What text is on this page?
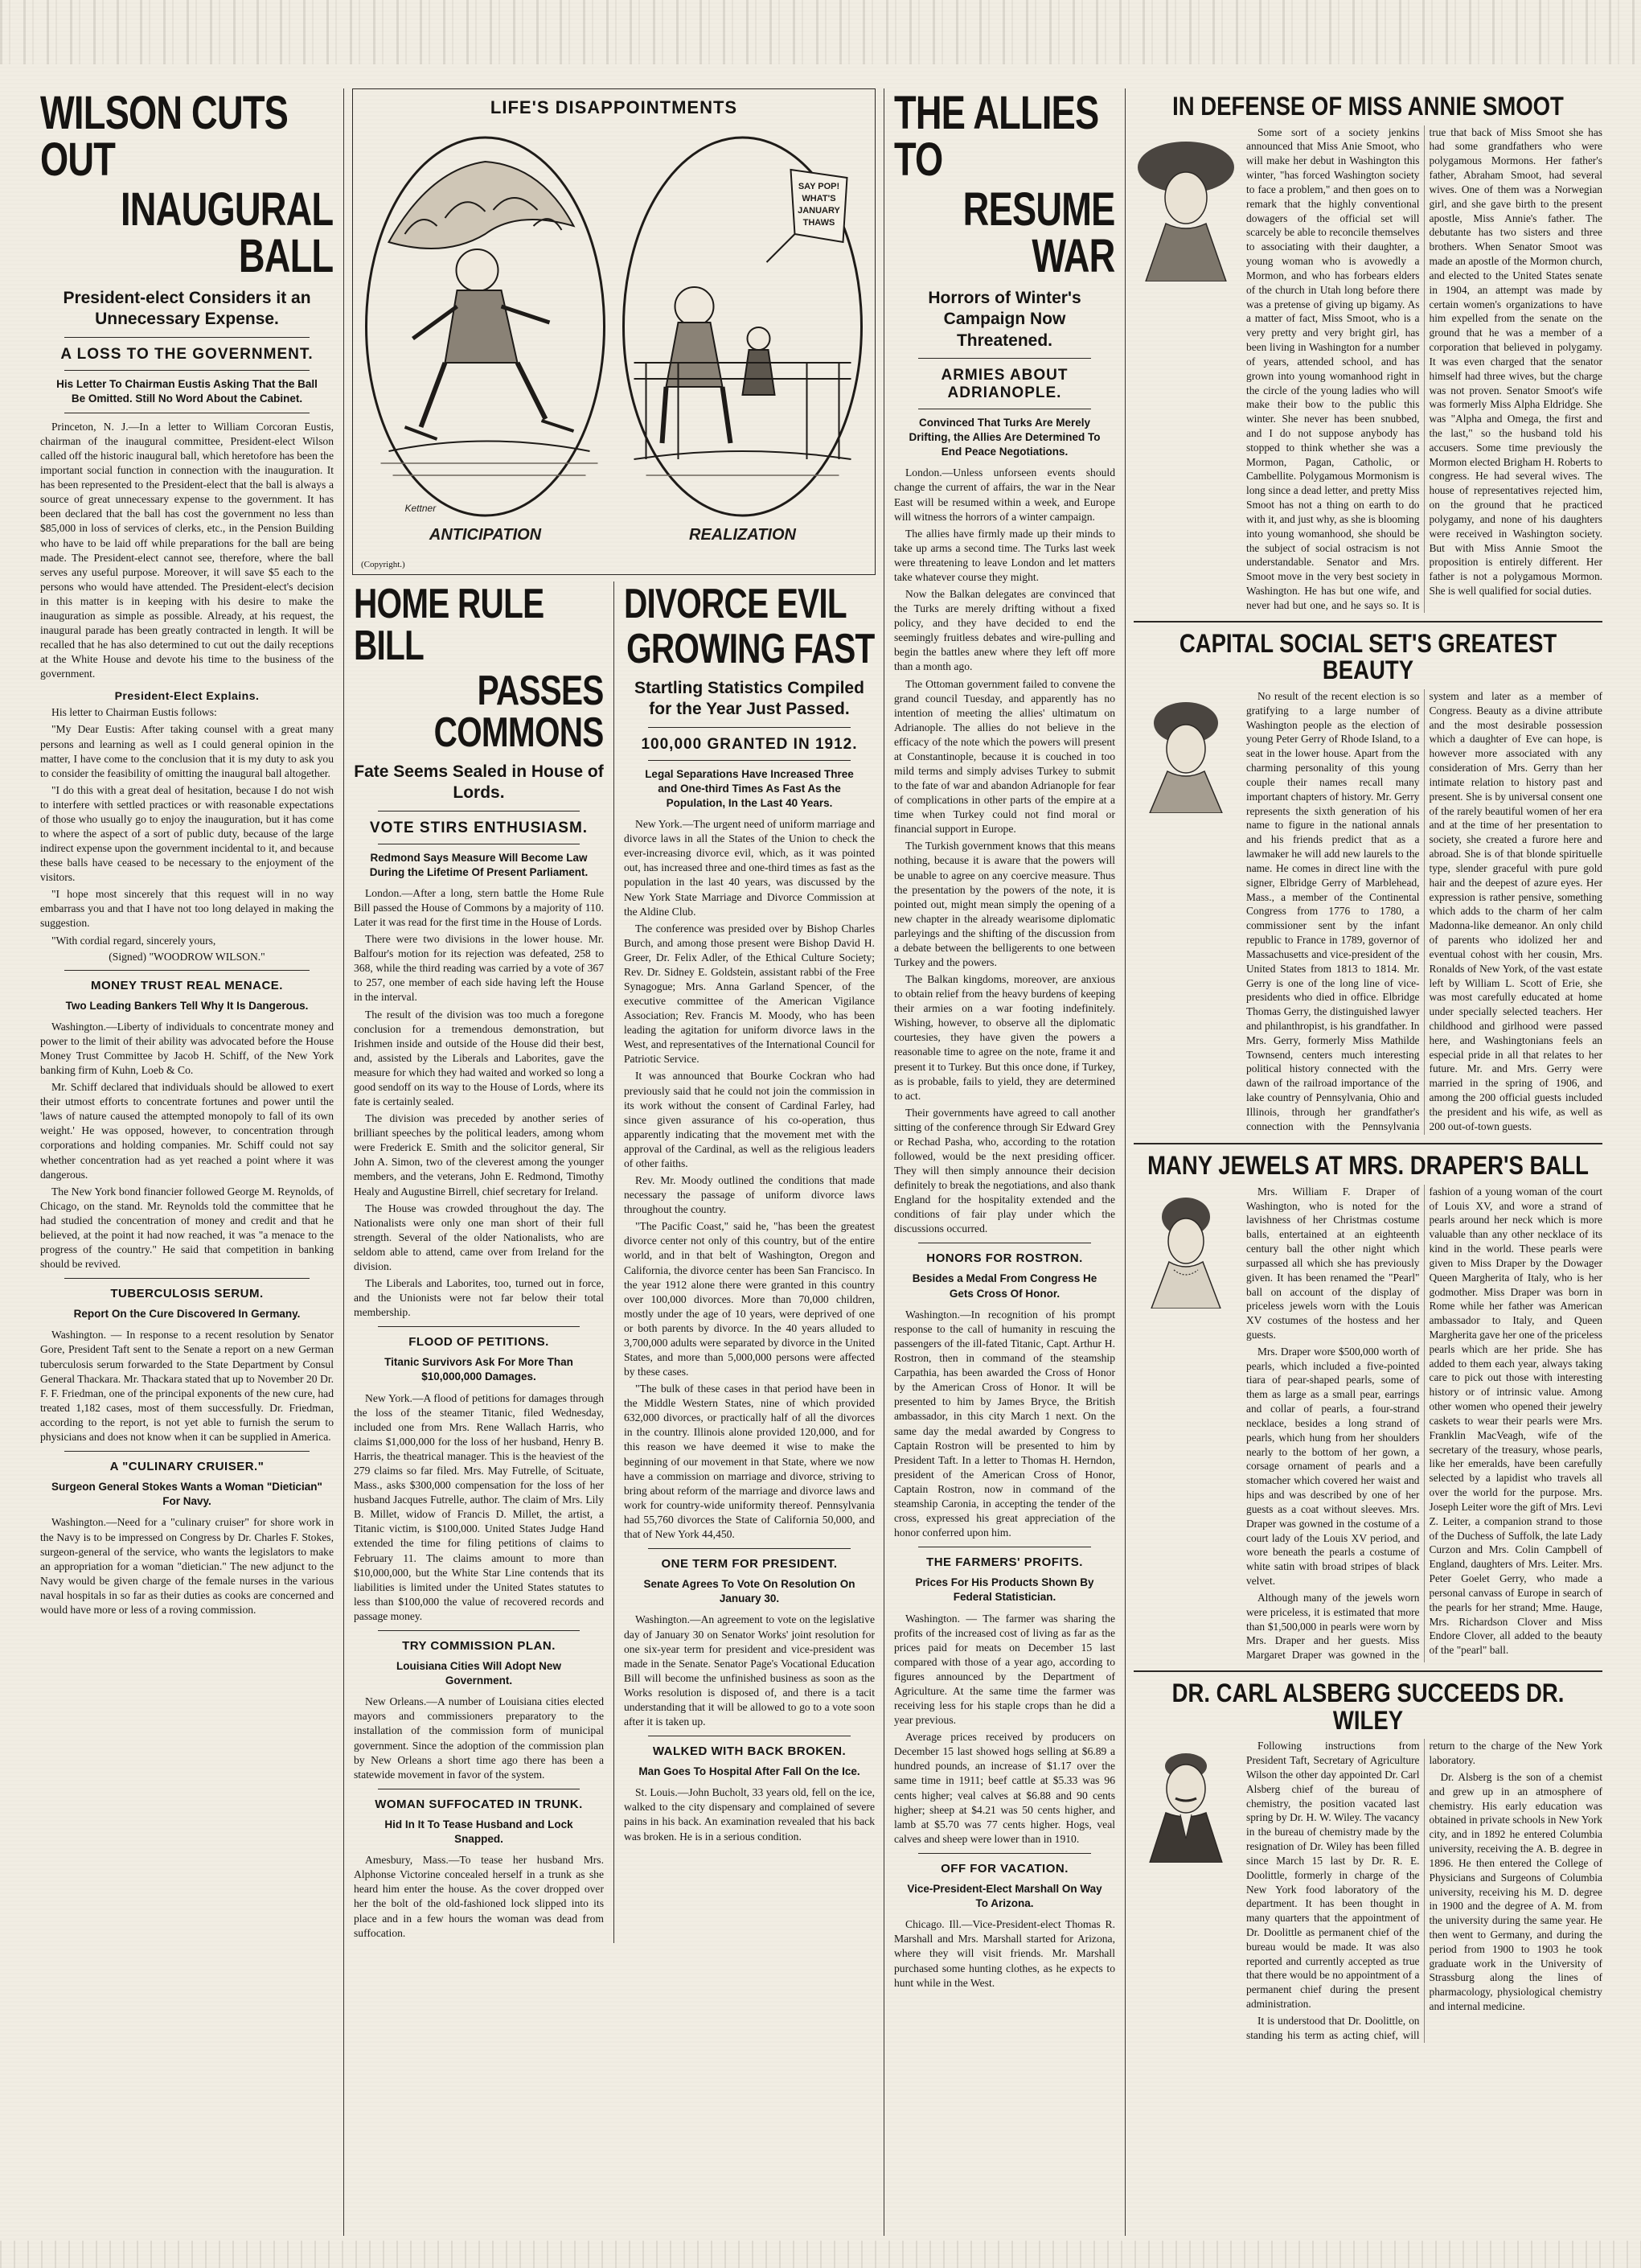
WILSON CUTS OUT
INAUGURAL BALL
President-elect Considers it an Unnecessary Expense.
A LOSS TO THE GOVERNMENT.
His Letter To Chairman Eustis Asking That the Ball Be Omitted. Still No Word About the Cabinet.

Princeton, N. J.—In a letter to William Corcoran Eustis, chairman of the inaugural committee, President-elect Wilson called off the historic inaugural ball, which heretofore has been the important social function in connection with the inauguration. It has been represented to the President-elect that the ball is always a source of great unnecessary expense to the government. It has been declared that the ball has cost the government no less than $85,000 in loss of services of clerks, etc., in the Pension Building who have to be laid off while preparations for the ball are being made. The President-elect cannot see, therefore, where the ball serves any useful purpose. Moreover, it will save $5 each to the persons who would have attended. The President-elect's decision in this matter is in keeping with his desire to make the inauguration as simple as possible. Already, at his request, the inaugural parade has been greatly contracted in length. It will be recalled that he has also determined to cut out the daily receptions at the White House and devote his time to the business of the government.

President-Elect Explains.

His letter to Chairman Eustis follows:

"My Dear Eustis: After taking counsel with a great many persons and learning as well as I could general opinion in the matter, I have come to the conclusion that it is my duty to ask you to consider the feasibility of omitting the inaugural ball altogether.

"I do this with a great deal of hesitation, because I do not wish to interfere with settled practices or with reasonable expectations of those who usually go to enjoy the inauguration, but it has come to where the aspect of a sort of public duty, because of the large indirect expense upon the government incidental to it, and because these balls have ceased to be necessary to the enjoyment of the visitors.

"I hope most sincerely that this request will in no way embarrass you and that I have not too long delayed in making the suggestion.

"With cordial regard, sincerely yours,

(Signed) "WOODROW WILSON."
MONEY TRUST REAL MENACE.
Two Leading Bankers Tell Why It Is Dangerous.

Washington.—Liberty of individuals to concentrate money and power to the limit of their ability was advocated before the House Money Trust Committee by Jacob H. Schiff, of the New York banking firm of Kuhn, Loeb & Co.

Mr. Schiff declared that individuals should be allowed to exert their utmost efforts to concentrate fortunes and power until the 'laws of nature caused the attempted monopoly to fall of its own weight.' He was opposed, however, to concentration through corporations and holding companies. Mr. Schiff could not say whether concentration had as yet reached a point where it was dangerous.

The New York bond financier followed George M. Reynolds, of Chicago, on the stand. Mr. Reynolds told the committee that he had studied the concentration of money and credit and that he believed, at the point it had now reached, it was "a menace to the progress of the country." He said that competition in banking should be revived.

TUBERCULOSIS SERUM.
Report On the Cure Discovered In Germany.

Washington. — In response to a recent resolution by Senator Gore, President Taft sent to the Senate a report on a new German tuberculosis serum forwarded to the State Department by Consul General Thackara. Mr. Thackara stated that up to November 20 Dr. F. F. Friedman, one of the principal exponents of the new cure, had treated 1,182 cases, most of them successfully. Dr. Friedman, according to the report, is not yet able to furnish the serum to physicians and does not know when it can be supplied in America.

A "CULINARY CRUISER."
Surgeon General Stokes Wants a Woman "Dietician" For Navy.

Washington.—Need for a "culinary cruiser" for shore work in the Navy is to be impressed on Congress by Dr. Charles F. Stokes, surgeon-general of the service, who wants the legislators to make an appropriation for a woman "dietician." The new adjunct to the Navy would be given charge of the female nurses in the various naval hospitals in so far as their duties as cooks are concerned and would have more or less of a roving commission.

LIFE'S DISAPPOINTMENTS
Kettner
SAY POP!
WHAT'S
JANUARY
THAWS
ANTICIPATION	REALIZATION
(Copyright.)
HOME RULE BILL
PASSES COMMONS
Fate Seems Sealed in House of Lords.
VOTE STIRS ENTHUSIASM.
Redmond Says Measure Will Become Law During the Lifetime Of Present Parliament.

London.—After a long, stern battle the Home Rule Bill passed the House of Commons by a majority of 110. Later it was read for the first time in the House of Lords.

There were two divisions in the lower house. Mr. Balfour's motion for its rejection was defeated, 258 to 368, while the third reading was carried by a vote of 367 to 257, one member of each side having left the House in the interval.

The result of the division was too much a foregone conclusion for a tremendous demonstration, but Irishmen inside and outside of the House did their best, and, assisted by the Liberals and Laborites, gave the measure for which they had waited and worked so long a good sendoff on its way to the House of Lords, where its fate is certainly sealed.

The division was preceded by another series of brilliant speeches by the political leaders, among whom were Frederick E. Smith and the solicitor general, Sir John A. Simon, two of the cleverest among the younger members, and the veterans, John E. Redmond, Timothy Healy and Augustine Birrell, chief secretary for Ireland.

The House was crowded throughout the day. The Nationalists were only one man short of their full strength. Several of the older Nationalists, who are seldom able to attend, came over from Ireland for the division.

The Liberals and Laborites, too, turned out in force, and the Unionists were not far below their total membership.

FLOOD OF PETITIONS.
Titanic Survivors Ask For More Than $10,000,000 Damages.

New York.—A flood of petitions for damages through the loss of the steamer Titanic, filed Wednesday, included one from Mrs. Rene Wallach Harris, who claims $1,000,000 for the loss of her husband, Henry B. Harris, the theatrical manager. This is the heaviest of the 279 claims so far filed. Mrs. May Futrelle, of Scituate, Mass., asks $300,000 compensation for the loss of her husband Jacques Futrelle, author. The claim of Mrs. Lily B. Millet, widow of Francis D. Millet, the artist, a Titanic victim, is $100,000. United States Judge Hand extended the time for filing petitions of claims to February 11. The claims amount to more than $10,000,000, but the White Star Line contends that its liabilities is limited under the United States statutes to less than $100,000 the value of recovered records and passage money.

TRY COMMISSION PLAN.
Louisiana Cities Will Adopt New Government.

New Orleans.—A number of Louisiana cities elected mayors and commissioners preparatory to the installation of the commission form of municipal government. Since the adoption of the commission plan by New Orleans a short time ago there has been a statewide movement in favor of the system.

WOMAN SUFFOCATED IN TRUNK.
Hid In It To Tease Husband and Lock Snapped.

Amesbury, Mass.—To tease her husband Mrs. Alphonse Victorine concealed herself in a trunk as she heard him enter the house. As the cover dropped over her the bolt of the old-fashioned lock slipped into its place and in a few hours the woman was dead from suffocation.

DIVORCE EVIL
GROWING FAST
Startling Statistics Compiled for the Year Just Passed.
100,000 GRANTED IN 1912.
Legal Separations Have Increased Three and One-third Times As Fast As the Population, In the Last 40 Years.

New York.—The urgent need of uniform marriage and divorce laws in all the States of the Union to check the ever-increasing divorce evil, which, as it was pointed out, has increased three and one-third times as fast as the population in the last 40 years, was discussed by the New York State Marriage and Divorce Commission at the Aldine Club.

The conference was presided over by Bishop Charles Burch, and among those present were Bishop David H. Greer, Dr. Felix Adler, of the Ethical Culture Society; Rev. Dr. Sidney E. Goldstein, assistant rabbi of the Free Synagogue; Mrs. Anna Garland Spencer, of the executive committee of the American Vigilance Association; Rev. Francis M. Moody, who has been leading the agitation for uniform divorce laws in the West, and representatives of the International Council for Patriotic Service.

It was announced that Bourke Cockran who had previously said that he could not join the commission in its work without the consent of Cardinal Farley, had since given assurance of his co-operation, thus apparently indicating that the movement met with the approval of the Cardinal, as well as the religious leaders of other faiths.

Rev. Mr. Moody outlined the conditions that made necessary the passage of uniform divorce laws throughout the country.

"The Pacific Coast," said he, "has been the greatest divorce center not only of this country, but of the entire world, and in that belt of Washington, Oregon and California, the divorce center has been San Francisco. In the year 1912 alone there were granted in this country over 100,000 divorces. More than 70,000 children, mostly under the age of 10 years, were deprived of one or both parents by divorce. In the 40 years alluded to 3,700,000 adults were separated by divorce in the United States, and more than 5,000,000 persons were affected by these cases.

"The bulk of these cases in that period have been in the Middle Western States, nine of which provided 632,000 divorces, or practically half of all the divorces in the country. Illinois alone provided 120,000, and for this reason we have deemed it wise to make the beginning of our movement in that State, where we now have a commission on marriage and divorce, striving to bring about reform of the marriage and divorce laws and work for country-wide uniformity thereof. Pennsylvania had 55,760 divorces the State of California 50,000, and that of New York 44,450.

ONE TERM FOR PRESIDENT.
Senate Agrees To Vote On Resolution On January 30.

Washington.—An agreement to vote on the legislative day of January 30 on Senator Works' joint resolution for one six-year term for president and vice-president was made in the Senate. Senator Page's Vocational Education Bill will become the unfinished business as soon as the Works resolution is disposed of, and there is a tacit understanding that it will be allowed to go to a vote soon after it is taken up.

WALKED WITH BACK BROKEN.
Man Goes To Hospital After Fall On the Ice.

St. Louis.—John Bucholt, 33 years old, fell on the ice, walked to the city dispensary and complained of severe pains in his back. An examination revealed that his back was broken. He is in a serious condition.

THE ALLIES TO
RESUME WAR
Horrors of Winter's Campaign Now Threatened.
ARMIES ABOUT ADRIANOPLE.
Convinced That Turks Are Merely Drifting, the Allies Are Determined To End Peace Negotiations.

London.—Unless unforseen events should change the current of affairs, the war in the Near East will be resumed within a week, and Europe will witness the horrors of a winter campaign.

The allies have firmly made up their minds to take up arms a second time. The Turks last week were threatening to leave London and let matters take whatever course they might.

Now the Balkan delegates are convinced that the Turks are merely drifting without a fixed policy, and they have decided to end the seemingly fruitless debates and wire-pulling and begin the battles anew where they left off more than a month ago.

The Ottoman government failed to convene the grand council Tuesday, and apparently has no intention of meeting the allies' ultimatum on Adrianople. The allies do not believe in the efficacy of the note which the powers will present at Constantinople, because it is couched in too mild terms and simply advises Turkey to submit to the fate of war and abandon Adrianople for fear of complications in other parts of the empire at a time when Turkey could not find moral or financial support in Europe.

The Turkish government knows that this means nothing, because it is aware that the powers will be unable to agree on any coercive measure. Thus the presentation by the powers of the note, it is pointed out, might mean simply the opening of a new chapter in the already wearisome diplomatic parleyings and the shifting of the discussion from a debate between the belligerents to one between Turkey and the powers.

The Balkan kingdoms, moreover, are anxious to obtain relief from the heavy burdens of keeping their armies on a war footing indefinitely. Wishing, however, to observe all the diplomatic courtesies, they have given the powers a reasonable time to agree on the note, frame it and present it to Turkey. But this once done, if Turkey, as is probable, fails to yield, they are determined to act.

Their governments have agreed to call another sitting of the conference through Sir Edward Grey or Rechad Pasha, who, according to the rotation followed, would be the next presiding officer. They will then simply announce their decision definitely to break the negotiations, and also thank England for the hospitality extended and the conditions of fair play under which the discussions occurred.

HONORS FOR ROSTRON.
Besides a Medal From Congress He Gets Cross Of Honor.

Washington.—In recognition of his prompt response to the call of humanity in rescuing the passengers of the ill-fated Titanic, Capt. Arthur H. Rostron, then in command of the steamship Carpathia, has been awarded the Cross of Honor by the American Cross of Honor. It will be presented to him by James Bryce, the British ambassador, in this city March 1 next. On the same day the medal awarded by Congress to Captain Rostron will be presented to him by President Taft. In a letter to Thomas H. Herndon, president of the American Cross of Honor, Captain Rostron, now in command of the steamship Caronia, in accepting the tender of the cross, expressed his great appreciation of the honor conferred upon him.

THE FARMERS' PROFITS.
Prices For His Products Shown By Federal Statistician.

Washington. — The farmer was sharing the profits of the increased cost of living as far as the prices paid for meats on December 15 last compared with those of a year ago, according to figures announced by the Department of Agriculture. At the same time the farmer was receiving less for his staple crops than he did a year previous.

Average prices received by producers on December 15 last showed hogs selling at $6.89 a hundred pounds, an increase of $1.17 over the same time in 1911; beef cattle at $5.33 was 96 cents higher; veal calves at $6.88 and 90 cents higher; sheep at $4.21 was 50 cents higher, and lamb at $5.70 was 77 cents higher. Hogs, veal calves and sheep were lower than in 1910.

OFF FOR VACATION.
Vice-President-Elect Marshall On Way To Arizona.

Chicago. Ill.—Vice-President-elect Thomas R. Marshall and Mrs. Marshall started for Arizona, where they will visit friends. Mr. Marshall purchased some hunting clothes, as he expects to hunt while in the West.

IN DEFENSE OF MISS ANNIE SMOOT

Some sort of a society jenkins announced that Miss Anie Smoot, who will make her debut in Washington this winter, "has forced Washington society to face a problem," and then goes on to remark that the highly conventional dowagers of the official set will scarcely be able to reconcile themselves to associating with their daughter, a young woman who is avowedly a Mormon, and who has forbears elders of the church in Utah long before there was a pretense of giving up bigamy. As a matter of fact, Miss Smoot, who is a very pretty and very bright girl, has been living in Washington for a number of years, attended school, and has grown into young womanhood right in the circle of the young ladies who will make their bow to the public this winter. She never has been snubbed, and I do not suppose anybody has stopped to think whether she was a Mormon, Pagan, Catholic, or Cambellite. Polygamous Mormonism is long since a dead letter, and pretty Miss Smoot has not a thing on earth to do with it, and just why, as she is blooming into young womanhood, she should be the subject of social ostracism is not understandable. Senator and Mrs. Smoot move in the very best society in Washington. He has but one wife, and never had but one, and he says so. It is true that back of Miss Smoot she has had some grandfathers who were polygamous Mormons. Her father's father, Abraham Smoot, had several wives. One of them was a Norwegian girl, and she gave birth to the present apostle, Miss Annie's father. The debutante has two sisters and three brothers. When Senator Smoot was made an apostle of the Mormon church, and elected to the United States senate in 1904, an attempt was made by certain women's organizations to have him expelled from the senate on the ground that he was a member of a corporation that believed in polygamy. It was even charged that the senator himself had three wives, but the charge was not proven. Senator Smoot's wife was formerly Miss Alpha Eldridge. She was "Alpha and Omega, the first and the last," so the husband told his accusers. Some time previously the Mormon elected Brigham H. Roberts to congress. He had several wives. The house of representatives rejected him, on the ground that he practiced polygamy, and none of his daughters were received in Washington society. But with Miss Annie Smoot the proposition is entirely different. Her father is not a polygamous Mormon. She is well qualified for social duties.

CAPITAL SOCIAL SET'S GREATEST BEAUTY

No result of the recent election is so gratifying to a large number of Washington people as the election of young Peter Gerry of Rhode Island, to a seat in the lower house. Apart from the charming personality of this young couple their names recall many important chapters of history. Mr. Gerry represents the sixth generation of his name to figure in the national annals and his friends predict that as a lawmaker he will add new laurels to the name. He comes in direct line with the signer, Elbridge Gerry of Marblehead, Mass., a member of the Continental Congress from 1776 to 1780, a commissioner sent by the infant republic to France in 1789, governor of Massachusetts and vice-president of the United States from 1813 to 1814. Mr. Gerry is one of the long line of vice-presidents who died in office. Elbridge Thomas Gerry, the distinguished lawyer and philanthropist, is his grandfather. In Mrs. Gerry, formerly Miss Mathilde Townsend, centers much interesting political history connected with the dawn of the railroad importance of the lake country of Pennsylvania, Ohio and Illinois, through her grandfather's connection with the Pennsylvania system and later as a member of Congress. Beauty as a divine attribute and the most desirable possession which a daughter of Eve can hope, is however more associated with any consideration of Mrs. Gerry than her intimate relation to history past and present. She is by universal consent one of the rarely beautiful women of her era and at the time of her presentation to society, she created a furore here and abroad. She is of that blonde spirituelle type, slender graceful with pure gold hair and the deepest of azure eyes. Her expression is rather pensive, something which adds to the charm of her calm Madonna-like demeanor. An only child of parents who idolized her and eventual cohost with her cousin, Mrs. Ronalds of New York, of the vast estate left by William L. Scott of Erie, she was most carefully educated at home under specially selected teachers. Her childhood and girlhood were passed here, and Washingtonians feels an especial pride in all that relates to her future. Mr. and Mrs. Gerry were married in the spring of 1906, and among the 200 official guests included the president and his wife, as well as 200 out-of-town guests.

MANY JEWELS AT MRS. DRAPER'S BALL

Mrs. William F. Draper of Washington, who is noted for the lavishness of her Christmas costume balls, entertained at an eighteenth century ball the other night which surpassed all which she has previously given. It has been renamed the "Pearl" ball on account of the display of priceless jewels worn with the Louis XV costumes of the hostess and her guests.

Mrs. Draper wore $500,000 worth of pearls, which included a five-pointed tiara of pear-shaped pearls, some of them as large as a small pear, earrings and collar of pearls, a four-strand necklace, besides a long strand of pearls, which hung from her shoulders nearly to the bottom of her gown, a corsage ornament of pearls and a stomacher which covered her waist and hips and was described by one of her guests as a coat without sleeves. Mrs. Draper was gowned in the costume of a court lady of the Louis XV period, and wore beneath the pearls a costume of white satin with broad stripes of black velvet.

Although many of the jewels worn were priceless, it is estimated that more than $1,500,000 in pearls were worn by Mrs. Draper and her guests. Miss Margaret Draper was gowned in the fashion of a young woman of the court of Louis XV, and wore a strand of pearls around her neck which is more valuable than any other necklace of its kind in the world. These pearls were given to Miss Draper by the Dowager Queen Margherita of Italy, who is her godmother. Miss Draper was born in Rome while her father was American ambassador to Italy, and Queen Margherita gave her one of the priceless pearls which are her pride. She has added to them each year, always taking care to pick out those with interesting history or of intrinsic value. Among other women who opened their jewelry caskets to wear their pearls were Mrs. Franklin MacVeagh, wife of the secretary of the treasury, whose pearls, like her emeralds, have been carefully selected by a lapidist who travels all over the world for the purpose. Mrs. Joseph Leiter wore the gift of Mrs. Levi Z. Leiter, a companion strand to those of the Duchess of Suffolk, the late Lady Curzon and Mrs. Colin Campbell of England, daughters of Mrs. Leiter. Mrs. Peter Goelet Gerry, who made a personal canvass of Europe in search of the pearls for her strand; Mme. Hauge, Mrs. Richardson Clover and Miss Endore Clover, all added to the beauty of the "pearl" ball.

DR. CARL ALSBERG SUCCEEDS DR. WILEY

Following instructions from President Taft, Secretary of Agriculture Wilson the other day appointed Dr. Carl Alsberg chief of the bureau of chemistry, the position vacated last spring by Dr. H. W. Wiley. The vacancy in the bureau of chemistry made by the resignation of Dr. Wiley has been filled since March 15 last by Dr. R. E. Doolittle, formerly in charge of the New York food laboratory of the department. It has been thought in many quarters that the appointment of Dr. Doolittle as permanent chief of the bureau would be made. It was also reported and currently accepted as true that there would be no appointment of a permanent chief during the present administration.

It is understood that Dr. Doolittle, on standing his term as acting chief, will return to the charge of the New York laboratory.

Dr. Alsberg is the son of a chemist and grew up in an atmosphere of chemistry. His early education was obtained in private schools in New York city, and in 1892 he entered Columbia university, receiving the A. B. degree in 1896. He then entered the College of Physicians and Surgeons of Columbia university, receiving his M. D. degree in 1900 and the degree of A. M. from the university during the same year. He then went to Germany, and during the period from 1900 to 1903 he took graduate work in the University of Strassburg along the lines of pharmacology, physiological chemistry and internal medicine.
